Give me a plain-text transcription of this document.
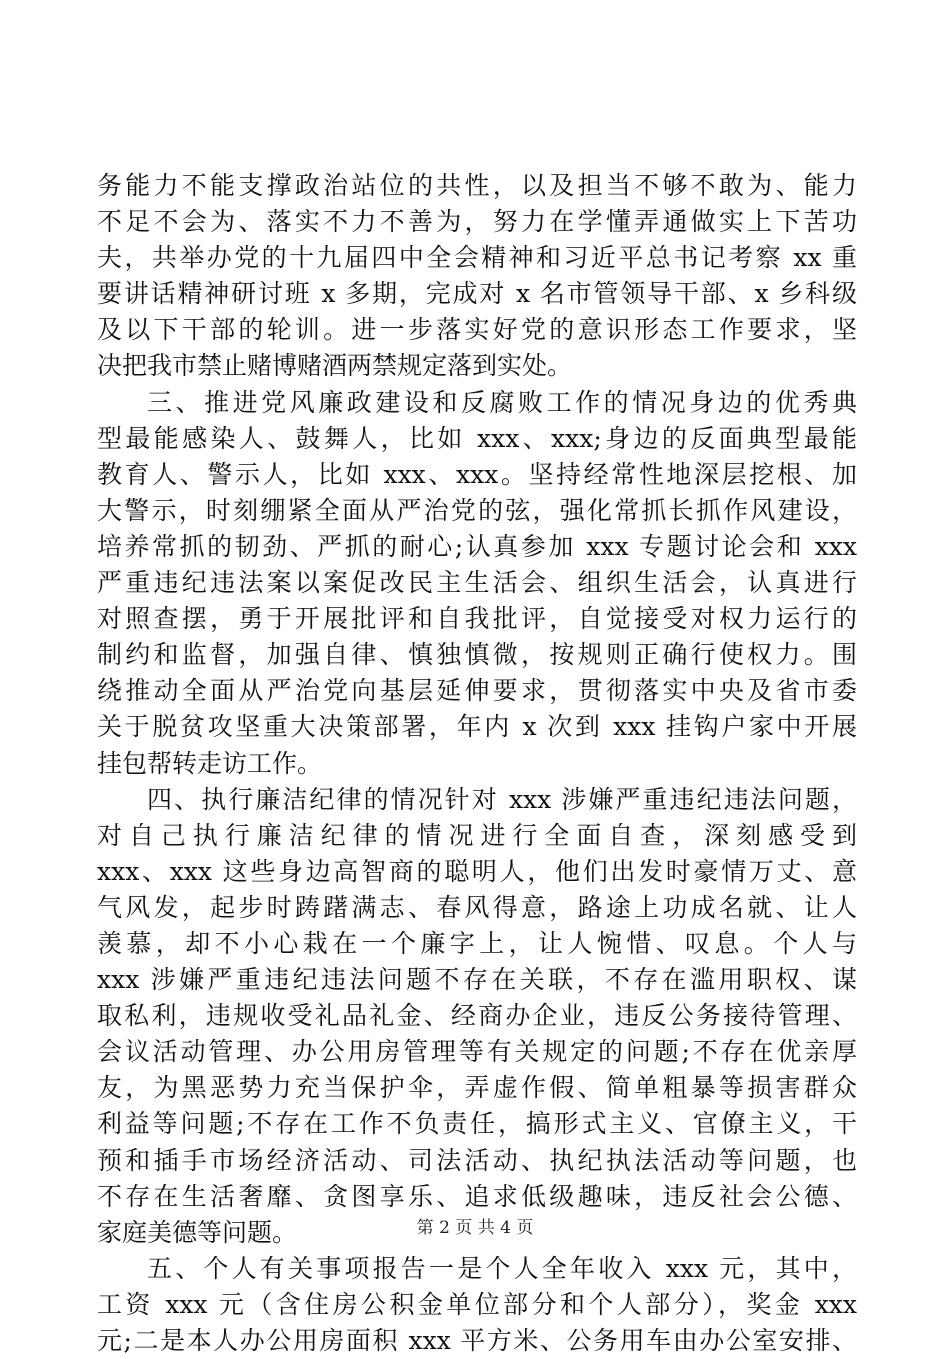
务能力不能支撑政治站位的共性，以及担当不够不敢为、能力
不足不会为、落实不力不善为，努力在学懂弄通做实上下苦功
夫，共举办党的十九届四中全会精神和习近平总书记考察 xx 重
要讲话精神研讨班 x 多期，完成对 x 名市管领导干部、x 乡科级
及以下干部的轮训。进一步落实好党的意识形态工作要求，坚
决把我市禁止赌博赌酒两禁规定落到实处。
三、推进党风廉政建设和反腐败工作的情况身边的优秀典
型最能感染人、鼓舞人，比如 xxx、xxx;身边的反面典型最能
教育人、警示人，比如 xxx、xxx。坚持经常性地深层挖根、加
大警示，时刻绷紧全面从严治党的弦，强化常抓长抓作风建设，
培养常抓的韧劲、严抓的耐心;认真参加 xxx 专题讨论会和 xxx
严重违纪违法案以案促改民主生活会、组织生活会，认真进行
对照查摆，勇于开展批评和自我批评，自觉接受对权力运行的
制约和监督，加强自律、慎独慎微，按规则正确行使权力。围
绕推动全面从严治党向基层延伸要求，贯彻落实中央及省市委
关于脱贫攻坚重大决策部署，年内 x 次到 xxx 挂钩户家中开展
挂包帮转走访工作。
四、执行廉洁纪律的情况针对 xxx 涉嫌严重违纪违法问题，
对自己执行廉洁纪律的情况进行全面自查，深刻感受到
xxx、xxx 这些身边高智商的聪明人，他们出发时豪情万丈、意
气风发，起步时踌躇满志、春风得意，路途上功成名就、让人
羡慕，却不小心栽在一个廉字上，让人惋惜、叹息。个人与
xxx 涉嫌严重违纪违法问题不存在关联，不存在滥用职权、谋
取私利，违规收受礼品礼金、经商办企业，违反公务接待管理、
会议活动管理、办公用房管理等有关规定的问题;不存在优亲厚
友，为黑恶势力充当保护伞，弄虚作假、简单粗暴等损害群众
利益等问题;不存在工作不负责任，搞形式主义、官僚主义，干
预和插手市场经济活动、司法活动、执纪执法活动等问题，也
不存在生活奢靡、贪图享乐、追求低级趣味，违反社会公德、
家庭美德等问题。
五、个人有关事项报告一是个人全年收入 xxx 元，其中，
工资 xxx 元（含住房公积金单位部分和个人部分），奖金 xxx
元;二是本人办公用房面积 xxx 平方米、公务用车由办公室安排、
第 2 页 共 4 页
